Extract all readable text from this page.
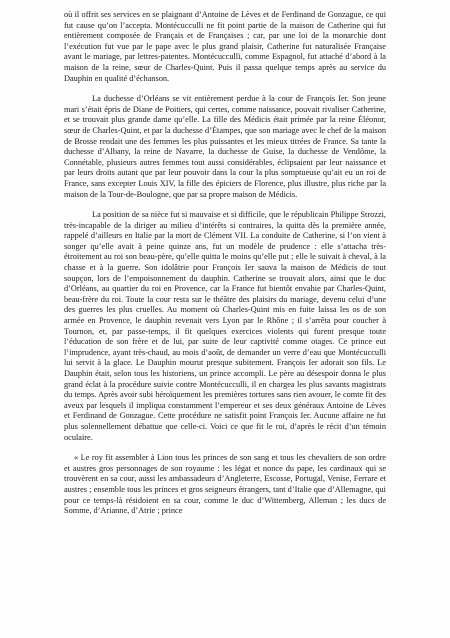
où il offrit ses services en se plaignant d’Antoine de Lèves et de Ferdinand de Gonzague, ce qui fut cause qu’on l’accepta. Montécucculli ne fit point partie de la maison de Catherine qui fut entièrement composée de Français et de Françaises ; car, par une loi de la monarchie dont l’exécution fut vue par le pape avec le plus grand plaisir, Catherine fut naturalisée Française avant le mariage, par lettres-patentes. Montécucculli, comme Espagnol, fut attaché d’abord à la maison de la reine, sœur de Charles-Quint. Puis il passa quelque temps après au service du Dauphin en qualité d’échanson.

La duchesse d’Orléans se vit entièrement perdue à la cour de François Ier. Son jeune mari s’était épris de Diane de Poitiers, qui certes, comme naissance, pouvait rivaliser Catherine, et se trouvait plus grande dame qu’elle. La fille des Médicis était primée par la reine Éléonor, sœur de Charles-Quint, et par la duchesse d’Étampes, que son mariage avec le chef de la maison de Brosse rendait une des femmes les plus puissantes et les mieux titrées de France. Sa tante la duchesse d’Albany, la reine de Navarre, la duchesse de Guise, la duchesse de Vendôme, la Connétable, plusieurs autres femmes tout aussi considérables, éclipsaient par leur naissance et par leurs droits autant que par leur pouvoir dans la cour la plus somptueuse qu’ait eu un roi de France, sans excepter Louis XIV, la fille des épiciers de Florence, plus illustre, plus riche par la maison de la Tour-de-Boulogne, que par sa propre maison de Médicis.

La position de sa nièce fut si mauvaise et si difficile, que le républicain Philippe Strozzi, très-incapable de la diriger au milieu d’intérêts si contraires, la quitta dès la première année, rappelé d’ailleurs en Italie par la mort de Clément VII. La conduite de Catherine, si l’on vient à songer qu’elle avait à peine quinze ans, fut un modèle de prudence : elle s’attacha très-étroitement au roi son beau-père, qu’elle quitta le moins qu’elle put ; elle le suivait à cheval, à la chasse et à la guerre. Son idolâtrie pour François Ier sauva la maison de Médicis de tout soupçon, lors de l’empoisonnement du dauphin. Catherine se trouvait alors, ainsi que le duc d’Orléans, au quartier du roi en Provence, car la France fut bientôt envahie par Charles-Quint, beau-frère du roi. Toute la cour resta sur le théâtre des plaisirs du mariage, devenu celui d’une des guerres les plus cruelles. Au moment où Charles-Quint mis en fuite laissa les os de son armée en Provence, le dauphin revenait vers Lyon par le Rhône ; il s’arrêta pour coucher à Tournon, et, par passe-temps, il fit quelques exercices violents qui furent presque toute l’éducation de son frère et de lui, par suite de leur captivité comme otages. Ce prince eut l’imprudence, ayant très-chaud, au mois d’août, de demander un verre d’eau que Montécucculli lui servit à la glace. Le Dauphin mourut presque subitement. François Ier adorait son fils. Le Dauphin était, selon tous les historiens, un prince accompli. Le père au désespoir donna le plus grand éclat à la procédure suivie contre Montécucculli, il en chargea les plus savants magistrats du temps. Après avoir subi héroïquement les premières tortures sans rien avouer, le comte fit des aveux par lesquels il impliqua constamment l’empereur et ses deux généraux Antoine de Lèves et Ferdinand de Gonzague. Cette procédure ne satisfit point François Ier. Aucune affaire ne fut plus solennellement débattue que celle-ci. Voici ce que fit le roi, d’après le récit d’un témoin oculaire.

« Le roy fit assembler à Lion tous les princes de son sang et tous les chevaliers de son ordre et austres gros personnages de son royaume : les légat et nonce du pape, les cardinaux qui se trouvèrent en sa cour, aussi les ambassadeurs d’Angleterre, Escosse, Portugal, Venise, Ferrare et austres ; ensemble tous les princes et gros seigneurs étrangers, tant d’Italie que d’Allemagne, qui pour ce temps-là résidoient en sa cour, comme le duc d’Wittemberg, Alleman ; les ducs de Somme, d’Arianne, d’Atrie ; prince
